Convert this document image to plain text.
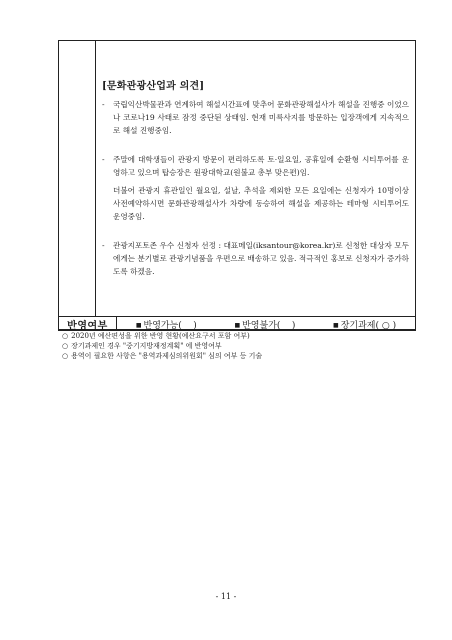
[문화관광산업과 의견]

-	국립익산박물관과 연계하여 해설시간표에 맞추어 문화관광해설사가 해설을 진행중 이었으나 코로나19 사태로 잠정 중단된 상태임. 현재 미륵사지를 방문하는 입장객에게 지속적으로 해설 진행중임.

-	주말에 대학생들이 관광지 방문이 편리하도록 토·일요일, 공휴일에 순환형 시티투어를 운영하고 있으며 탑승장은 원광대학교(원불교 총부 맞은편)임.

더불어 관광지 휴관일인 월요일, 설날, 추석을 제외한 모든 요일에는 신청자가 10명이상 사전예약하시면 문화관광해설사가 차량에 동승하여 해설을 제공하는 테마형 시티투어도 운영중임.

-	관광지포토존 우수 신청자 선정 : 대표메일(iksantour@korea.kr)로 신청한 대상자 모두에게는 분기별로 관광기념품을 우편으로 배송하고 있음. 적극적인 홍보로 신청자가 증가하도록 하겠음.

반영여부	■ 반영가능( )	■ 반영불가( )	■ 장기과제( ○ )
○ 2020년 예산편성을 위한 반영 현황(예산요구서 포함 여부)
○ 장기과제인 경우 "중기지방재정계획" 에 반영여부
○ 용역이 필요한 사항은 "용역과제심의위원회" 심의 여부 등 기술
- 11 -
